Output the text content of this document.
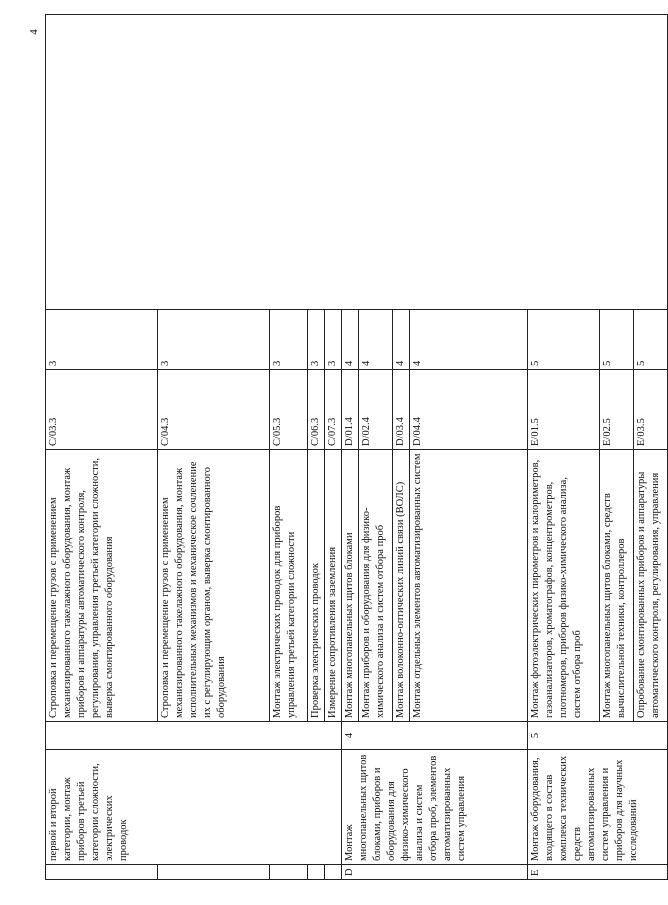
4
	первой и второй категории, монтаж приборов третьей категории сложности, электрических проводок		Строповка и перемещение грузов с применением механизированного такелажного оборудования, монтаж приборов и аппаратуры автоматического контроля, регулирования, управления третьей категории сложности, выверка смонтированного оборудования	C/03.3	3	
			Строповка и перемещение грузов с применением механизированного такелажного оборудования, монтаж исполнительных механизмов и механическое сочленение их с регулирующим органом, выверка смонтированного оборудования	C/04.3	3	
			Монтаж электрических проводок для приборов управления третьей категории сложности	C/05.3	3	
			Проверка электрических проводок	C/06.3	3	
			Измерение сопротивления заземления	C/07.3	3	
D	Монтаж многопанельных щитов блоками, приборов и оборудования для физико-химического анализа и систем отбора проб, элементов автоматизированных систем управления	4	Монтаж многопанельных щитов блоками	D/01.4	4	
			Монтаж приборов и оборудования для физико-химического анализа и систем отбора проб	D/02.4	4	
			Монтаж волоконно-оптических линий связи (ВОЛС)	D/03.4	4	
			Монтаж отдельных элементов автоматизированных систем	D/04.4	4	
E	Монтаж оборудования, входящего в состав комплекса технических средств автоматизированных систем управления и приборов для научных исследований	5	Монтаж фотоэлектрических пирометров и калориметров, газоанализаторов, хроматографов, концентрометров, плотномеров, приборов физико-химического анализа, систем отбора проб	E/01.5	5	
			Монтаж многопанельных щитов блоками, средств вычислительной техники, контроллеров	E/02.5	5	
			Опробование смонтированных приборов и аппаратуры автоматического контроля, регулирования, управления	E/03.5	5	
